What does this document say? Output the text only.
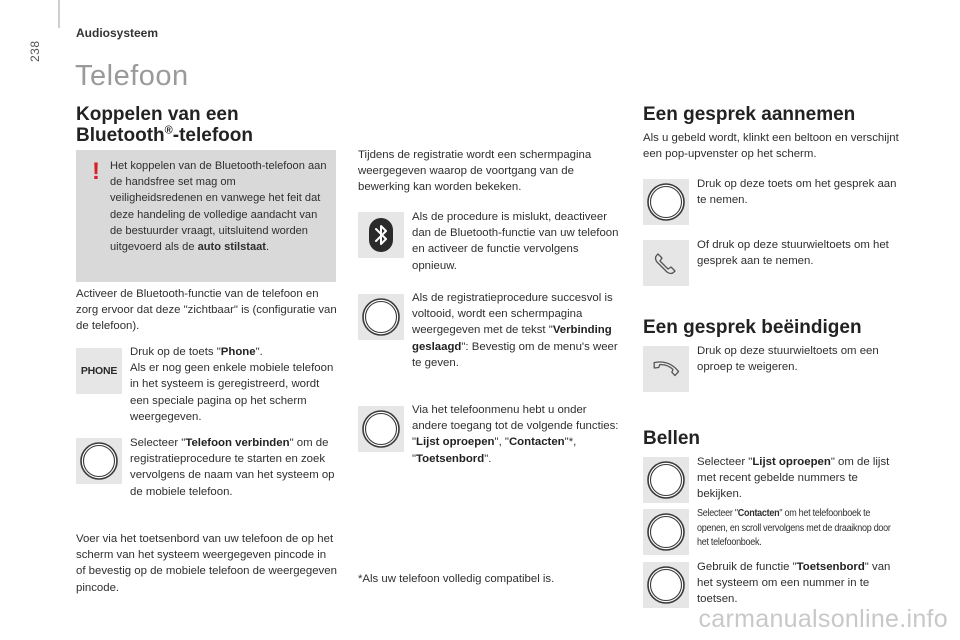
238
Audiosysteem
Telefoon
Koppelen van een
Bluetooth®-telefoon
! Het koppelen van de Bluetooth-telefoon aan de handsfree set mag om veiligheidsredenen en vanwege het feit dat deze handeling de volledige aandacht van de bestuurder vraagt, uitsluitend worden uitgevoerd als de auto stilstaat.
Activeer de Bluetooth-functie van de telefoon en zorg ervoor dat deze "zichtbaar" is (configuratie van de telefoon).
PHONE
Druk op de toets "Phone".
Als er nog geen enkele mobiele telefoon in het systeem is geregistreerd, wordt een speciale pagina op het scherm weergegeven.
Selecteer "Telefoon verbinden" om de registratieprocedure te starten en zoek vervolgens de naam van het systeem op de mobiele telefoon.
Voer via het toetsenbord van uw telefoon de op het scherm van het systeem weergegeven pincode in of bevestig op de mobiele telefoon de weergegeven pincode.
Tijdens de registratie wordt een schermpagina weergegeven waarop de voortgang van de bewerking kan worden bekeken.
Als de procedure is mislukt, deactiveer dan de Bluetooth-functie van uw telefoon en activeer de functie vervolgens opnieuw.
Als de registratieprocedure succesvol is voltooid, wordt een schermpagina weergegeven met de tekst "Verbinding geslaagd": Bevestig om de menu's weer te geven.
Via het telefoonmenu hebt u onder andere toegang tot de volgende functies: "Lijst oproepen", "Contacten"*, "Toetsenbord".
*Als uw telefoon volledig compatibel is.
Een gesprek aannemen
Als u gebeld wordt, klinkt een beltoon en verschijnt een pop-upvenster op het scherm.
Druk op deze toets om het gesprek aan te nemen.
Of druk op deze stuurwieltoets om het gesprek aan te nemen.
Een gesprek beëindigen
Druk op deze stuurwieltoets om een oproep te weigeren.
Bellen
Selecteer "Lijst oproepen" om de lijst met recent gebelde nummers te bekijken.
Selecteer "Contacten" om het telefoonboek te openen, en scroll vervolgens met de draaiknop door het telefoonboek.
Gebruik de functie "Toetsenbord" van het systeem om een nummer in te toetsen.
carmanualsonline.info
